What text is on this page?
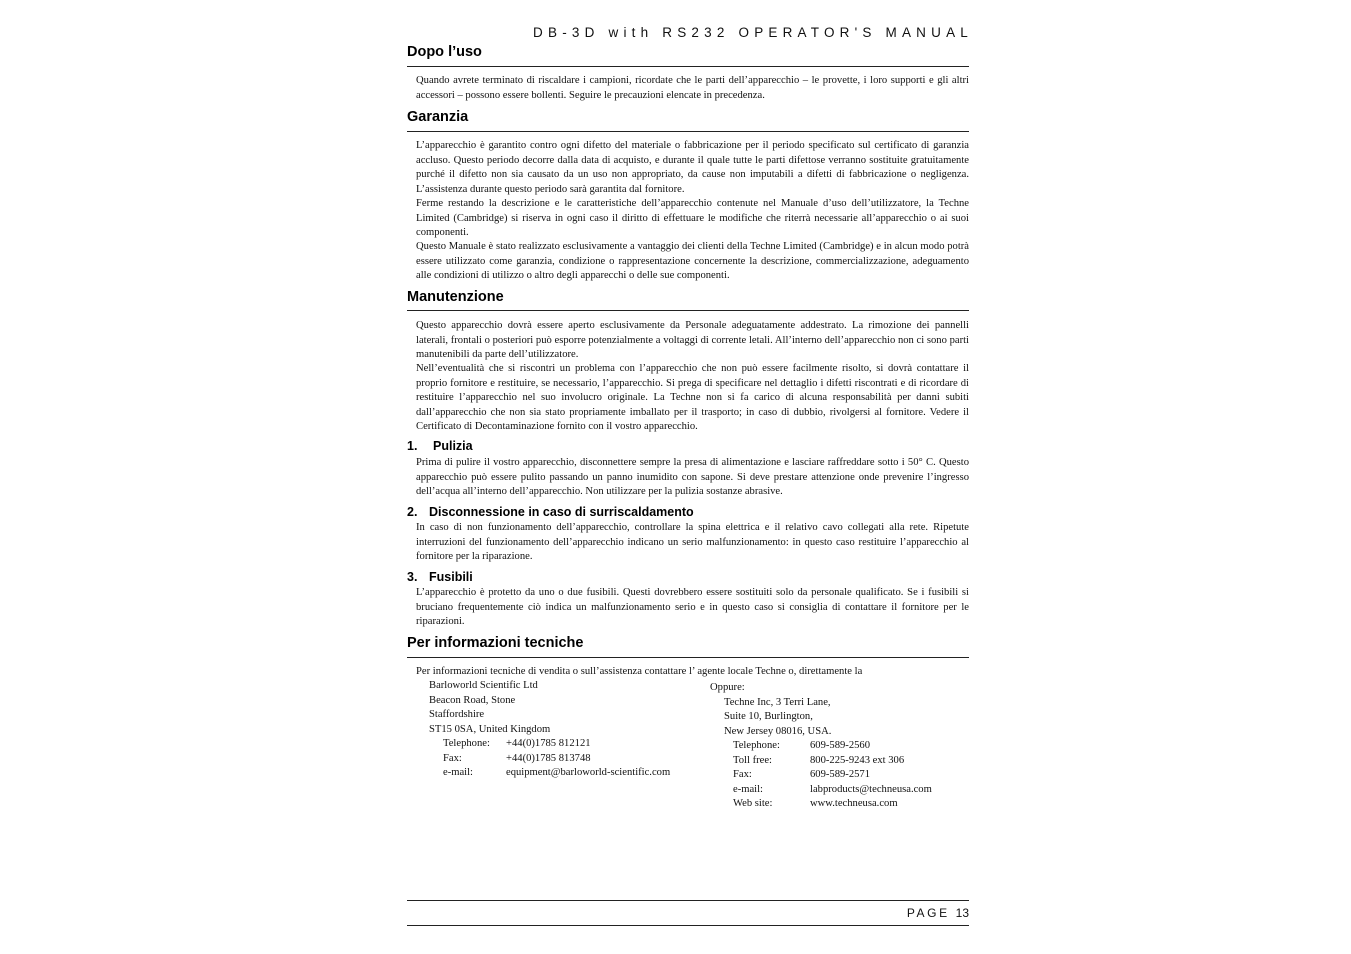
DB-3D with RS232 OPERATOR'S MANUAL
Dopo l’uso

Quando avrete terminato di riscaldare i campioni, ricordate che le parti dell’apparecchio – le provette, i loro supporti e gli altri accessori – possono essere bollenti. Seguire le precauzioni elencate in precedenza.

Garanzia

L’apparecchio è garantito contro ogni difetto del materiale o fabbricazione per il periodo specificato sul certificato di garanzia accluso. Questo periodo decorre dalla data di acquisto, e durante il quale tutte le parti difettose verranno sostituite gratuitamente purché il difetto non sia causato da un uso non appropriato, da cause non imputabili a difetti di fabbricazione o negligenza. L’assistenza durante questo periodo sarà garantita dal fornitore.

Ferme restando la descrizione e le caratteristiche dell’apparecchio contenute nel Manuale d’uso dell’utilizzatore, la Techne Limited (Cambridge) si riserva in ogni caso il diritto di effettuare le modifiche che riterrà necessarie all’apparecchio o ai suoi componenti.

Questo Manuale è stato realizzato esclusivamente a vantaggio dei clienti della Techne Limited (Cambridge) e in alcun modo potrà essere utilizzato come garanzia, condizione o rappresentazione concernente la descrizione, commercializzazione, adeguamento alle condizioni di utilizzo o altro degli apparecchi o delle sue componenti.

Manutenzione

Questo apparecchio dovrà essere aperto esclusivamente da Personale adeguatamente addestrato. La rimozione dei pannelli laterali, frontali o posteriori può esporre potenzialmente a voltaggi di corrente letali. All’interno dell’apparecchio non ci sono parti manutenibili da parte dell’utilizzatore.

Nell’eventualità che si riscontri un problema con l’apparecchio che non può essere facilmente risolto, si dovrà contattare il proprio fornitore e restituire, se necessario, l’apparecchio. Si prega di specificare nel dettaglio i difetti riscontrati e di ricordare di restituire l’apparecchio nel suo involucro originale. La Techne non si fa carico di alcuna responsabilità per danni subiti dall’apparecchio che non sia stato propriamente imballato per il trasporto; in caso di dubbio, rivolgersi al fornitore. Vedere il Certificato di Decontaminazione fornito con il vostro apparecchio.

1. Pulizia

Prima di pulire il vostro apparecchio, disconnettere sempre la presa di alimentazione e lasciare raffreddare sotto i 50° C. Questo apparecchio può essere pulito passando un panno inumidito con sapone. Si deve prestare attenzione onde prevenire l’ingresso dell’acqua all’interno dell’apparecchio. Non utilizzare per la pulizia sostanze abrasive.

2. Disconnessione in caso di surriscaldamento

In caso di non funzionamento dell’apparecchio, controllare la spina elettrica e il relativo cavo collegati alla rete. Ripetute interruzioni del funzionamento dell’apparecchio indicano un serio malfunzionamento: in questo caso restituire l’apparecchio al fornitore per la riparazione.

3. Fusibili

L’apparecchio è protetto da uno o due fusibili. Questi dovrebbero essere sostituiti solo da personale qualificato. Se i fusibili si bruciano frequentemente ciò indica un malfunzionamento serio e in questo caso si consiglia di contattare il fornitore per le riparazioni.

Per informazioni tecniche

Per informazioni tecniche di vendita o sull’assistenza contattare l’ agente locale Techne o, direttamente la

Barloworld Scientific Ltd
Beacon Road, Stone
Staffordshire
ST15 0SA, United Kingdom
Telephone:	+44(0)1785 812121
Fax:	+44(0)1785 813748
e-mail:	equipment@barloworld-scientific.com
Oppure:
Techne Inc, 3 Terri Lane,
Suite 10, Burlington,
New Jersey 08016, USA.
Telephone:	609-589-2560
Toll free:	800-225-9243 ext 306
Fax:	609-589-2571
e-mail:	labproducts@techneusa.com
Web site:	www.techneusa.com
PAGE 13
